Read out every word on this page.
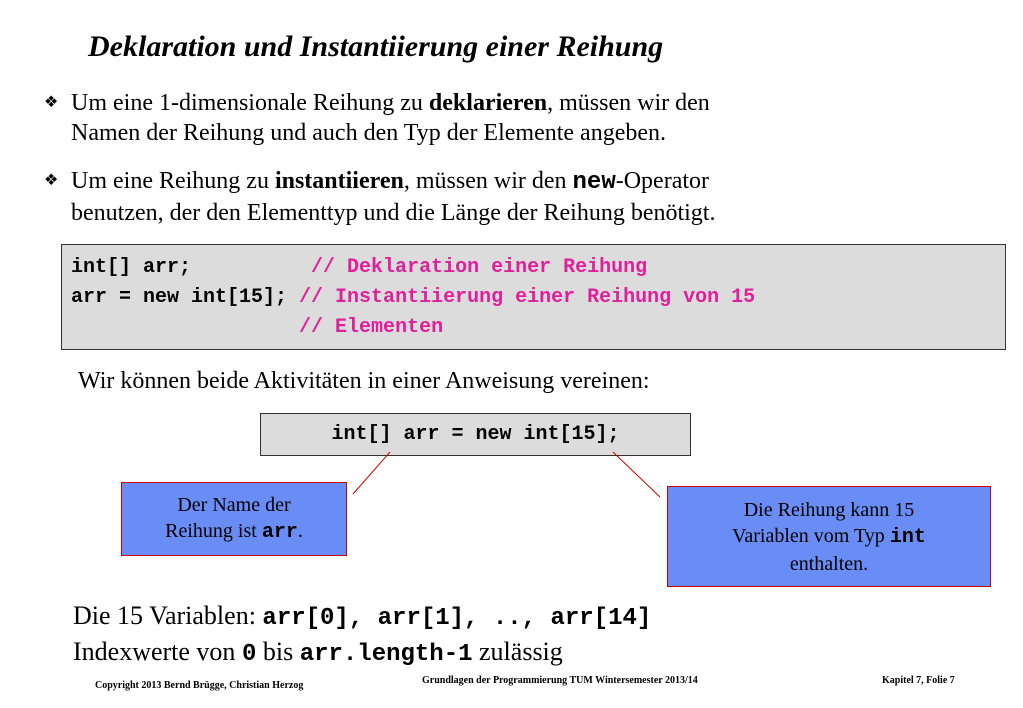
Deklaration und Instantiierung einer Reihung
❖ Um eine 1-dimensionale Reihung zu deklarieren, müssen wir den
Namen der Reihung und auch den Typ der Elemente angeben.
❖ Um eine Reihung zu instantiieren, müssen wir den new-Operator
benutzen, der den Elementtyp und die Länge der Reihung benötigt.
int[] arr;          // Deklaration einer Reihung
arr = new int[15]; // Instantiierung einer Reihung von 15
// Elementen
Wir können beide Aktivitäten in einer Anweisung vereinen:
int[] arr = new int[15];
Der Name der
Reihung ist arr.
Die Reihung kann 15
Variablen vom Typ int
enthalten.
Die 15 Variablen: arr[0], arr[1], .., arr[14]
Indexwerte von 0 bis arr.length-1 zulässig
Copyright 2013 Bernd Brügge, Christian Herzog	Grundlagen der Programmierung TUM Wintersemester 2013/14	Kapitel 7, Folie 7
